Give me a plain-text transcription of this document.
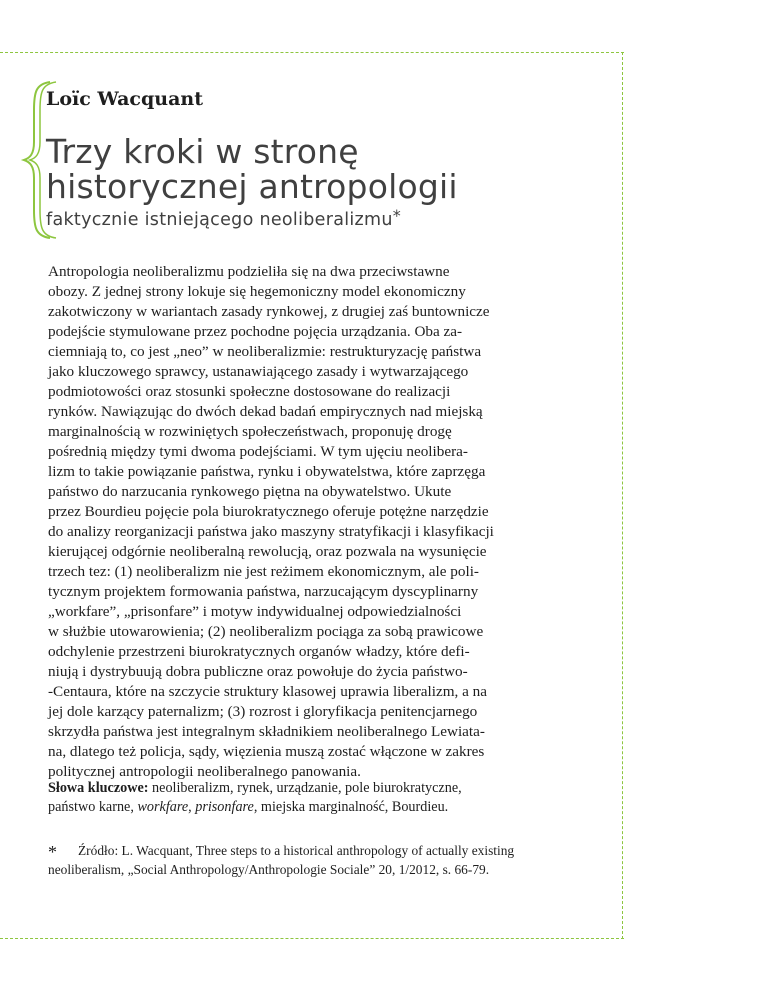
Loïc Wacquant

Trzy kroki w stronę
historycznej antropologii

faktycznie istniejącego neoliberalizmu*

Antropologia neoliberalizmu podzieliła się na dwa przeciwstawne
obozy. Z jednej strony lokuje się hegemoniczny model ekonomiczny
zakotwiczony w wariantach zasady rynkowej, z drugiej zaś buntownicze
podejście stymulowane przez pochodne pojęcia urządzania. Oba za-
ciemniają to, co jest „neo” w neoliberalizmie: restrukturyzację państwa
jako kluczowego sprawcy, ustanawiającego zasady i wytwarzającego
podmiotowości oraz stosunki społeczne dostosowane do realizacji
rynków. Nawiązując do dwóch dekad badań empirycznych nad miejską
marginalnością w rozwiniętych społeczeństwach, proponuję drogę
pośrednią między tymi dwoma podejściami. W tym ujęciu neolibera-
lizm to takie powiązanie państwa, rynku i obywatelstwa, które zaprzęga
państwo do narzucania rynkowego piętna na obywatelstwo. Ukute
przez Bourdieu pojęcie pola biurokratycznego oferuje potężne narzędzie
do analizy reorganizacji państwa jako maszyny stratyfikacji i klasyfikacji
kierującej odgórnie neoliberalną rewolucją, oraz pozwala na wysunięcie
trzech tez: (1) neoliberalizm nie jest reżimem ekonomicznym, ale poli-
tycznym projektem formowania państwa, narzucającym dyscyplinarny
„workfare”, „prisonfare” i motyw indywidualnej odpowiedzialności
w służbie utowarowienia; (2) neoliberalizm pociąga za sobą prawicowe
odchylenie przestrzeni biurokratycznych organów władzy, które defi-
niują i dystrybuują dobra publiczne oraz powołuje do życia państwo-
-Centaura, które na szczycie struktury klasowej uprawia liberalizm, a na
jej dole karzący paternalizm; (3) rozrost i gloryfikacja penitencjarnego
skrzydła państwa jest integralnym składnikiem neoliberalnego Lewiata-
na, dlatego też policja, sądy, więzienia muszą zostać włączone w zakres
politycznej antropologii neoliberalnego panowania.
Słowa kluczowe: neoliberalizm, rynek, urządzanie, pole biurokratyczne,
państwo karne, workfare, prisonfare, miejska marginalność, Bourdieu.
* Źródło: L. Wacquant, Three steps to a historical anthropology of actually existing
neoliberalism, „Social Anthropology/Anthropologie Sociale” 20, 1/2012, s. 66-79.
